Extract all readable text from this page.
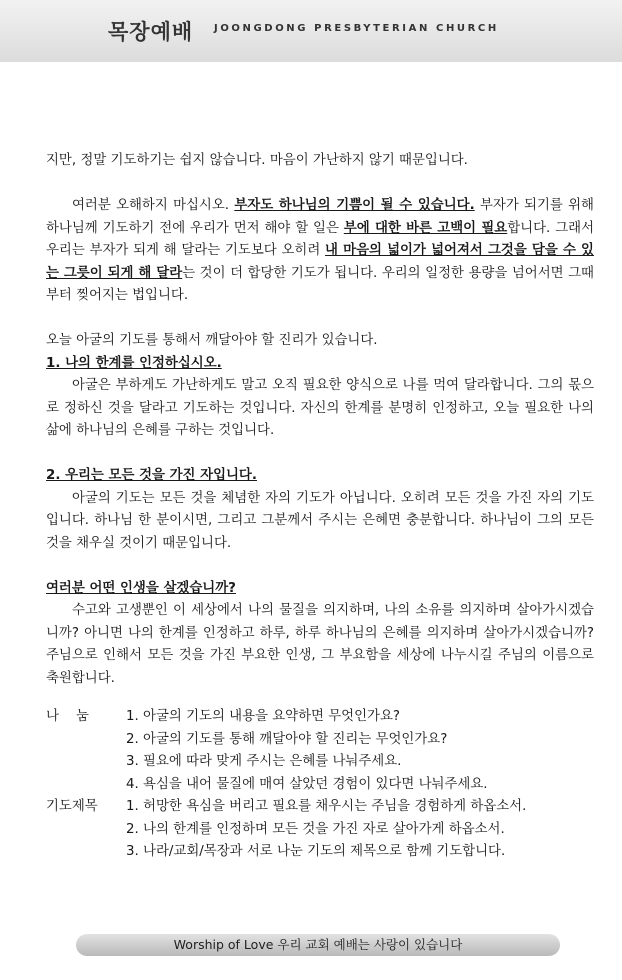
목장예배 JOONGDONG PRESBYTERIAN CHURCH

지만, 정말 기도하기는 쉽지 않습니다. 마음이 가난하지 않기 때문입니다.

여러분 오해하지 마십시오. 부자도 하나님의 기쁨이 될 수 있습니다. 부자가 되기를 위해 하나님께 기도하기 전에 우리가 먼저 해야 할 일은 부에 대한 바른 고백이 필요합니다. 그래서 우리는 부자가 되게 해 달라는 기도보다 오히려 내 마음의 넓이가 넓어져서 그것을 담을 수 있는 그릇이 되게 해 달라는 것이 더 합당한 기도가 됩니다. 우리의 일정한 용량을 넘어서면 그때부터 찢어지는 법입니다.

오늘 아굴의 기도를 통해서 깨달아야 할 진리가 있습니다.

1. 나의 한계를 인정하십시오.

아굴은 부하게도 가난하게도 말고 오직 필요한 양식으로 나를 먹여 달라합니다. 그의 몫으로 정하신 것을 달라고 기도하는 것입니다. 자신의 한계를 분명히 인정하고, 오늘 필요한 나의 삶에 하나님의 은혜를 구하는 것입니다.

2. 우리는 모든 것을 가진 자입니다.

아굴의 기도는 모든 것을 체념한 자의 기도가 아닙니다. 오히려 모든 것을 가진 자의 기도입니다. 하나님 한 분이시면, 그리고 그분께서 주시는 은혜면 충분합니다. 하나님이 그의 모든 것을 채우실 것이기 때문입니다.

여러분 어떤 인생을 살겠습니까?

수고와 고생뿐인 이 세상에서 나의 물질을 의지하며, 나의 소유를 의지하며 살아가시겠습니까? 아니면 나의 한계를 인정하고 하루, 하루 하나님의 은혜를 의지하며 살아가시겠습니까? 주님으로 인해서 모든 것을 가진 부요한 인생, 그 부요함을 세상에 나누시길 주님의 이름으로 축원합니다.

나    눔	1. 아굴의 기도의 내용을 요약하면 무엇인가요?
2. 아굴의 기도를 통해 깨달아야 할 진리는 무엇인가요?
3. 필요에 따라 맞게 주시는 은혜를 나눠주세요.
4. 욕심을 내어 물질에 매여 살았던 경험이 있다면 나눠주세요.
기도제목	1. 허망한 욕심을 버리고 필요를 채우시는 주님을 경험하게 하옵소서.
2. 나의 한계를 인정하며 모든 것을 가진 자로 살아가게 하옵소서.
3. 나라/교회/목장과 서로 나눈 기도의 제목으로 함께 기도합니다.
Worship of Love 우리 교회 예배는 사랑이 있습니다
